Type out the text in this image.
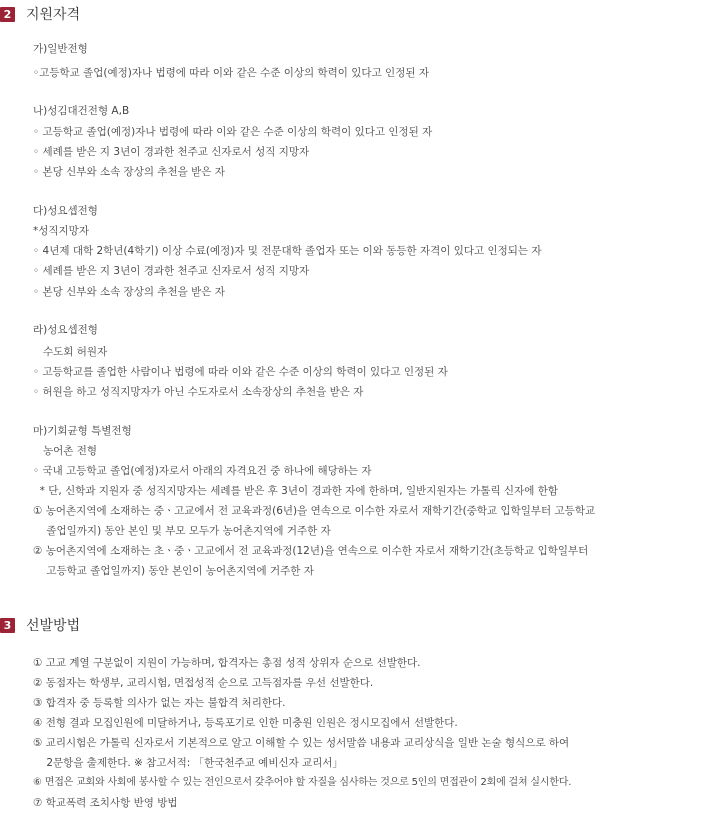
2 지원자격
가)일반전형
◦고등학교 졸업(예정)자나 법령에 따라 이와 같은 수준 이상의 학력이 있다고 인정된 자
나)성김대건전형 A,B
◦ 고등학교 졸업(예정)자나 법령에 따라 이와 같은 수준 이상의 학력이 있다고 인정된 자
◦ 세례를 받은 지 3년이 경과한 천주교 신자로서 성직 지망자
◦ 본당 신부와 소속 장상의 추천을 받은 자
다)성요셉전형
*성직지망자
◦ 4년제 대학 2학년(4학기) 이상 수료(예정)자 및 전문대학 졸업자 또는 이와 동등한 자격이 있다고 인정되는 자
◦ 세례를 받은 지 3년이 경과한 천주교 신자로서 성직 지망자
◦ 본당 신부와 소속 장상의 추천을 받은 자
라)성요셉전형
수도회 허원자
◦ 고등학교를 졸업한 사람이나 법령에 따라 이와 같은 수준 이상의 학력이 있다고 인정된 자
◦ 허원을 하고 성직지망자가 아닌 수도자로서 소속장상의 추천을 받은 자
마)기회균형 특별전형
농어촌 전형
◦ 국내 고등학교 졸업(예정)자로서 아래의 자격요건 중 하나에 해당하는 자
* 단, 신학과 지원자 중 성직지망자는 세례를 받은 후 3년이 경과한 자에 한하며, 일반지원자는 가톨릭 신자에 한함
① 농어촌지역에 소재하는 중ㆍ고교에서 전 교육과정(6년)을 연속으로 이수한 자로서 재학기간(중학교 입학일부터 고등학교
졸업일까지) 동안 본인 및 부모 모두가 농어촌지역에 거주한 자
② 농어촌지역에 소재하는 초ㆍ중ㆍ고교에서 전 교육과정(12년)을 연속으로 이수한 자로서 재학기간(초등학교 입학일부터
고등학교 졸업일까지) 동안 본인이 농어촌지역에 거주한 자
3 선발방법
① 고교 계열 구분없이 지원이 가능하며, 합격자는 총점 성적 상위자 순으로 선발한다.
② 동점자는 학생부, 교리시험, 면접성적 순으로 고득점자를 우선 선발한다.
③ 합격자 중 등록할 의사가 없는 자는 불합격 처리한다.
④ 전형 결과 모집인원에 미달하거나, 등록포기로 인한 미충원 인원은 정시모집에서 선발한다.
⑤ 교리시험은 가톨릭 신자로서 기본적으로 알고 이해할 수 있는 성서말씀 내용과 교리상식을 일반 논술 형식으로 하여
2문항을 출제한다. ※ 참고서적: 「한국천주교 예비신자 교리서」
⑥ 면접은 교회와 사회에 봉사할 수 있는 전인으로서 갖추어야 할 자질을 심사하는 것으로 5인의 면접관이 2회에 걸쳐 실시한다.
⑦ 학교폭력 조치사항 반영 방법
